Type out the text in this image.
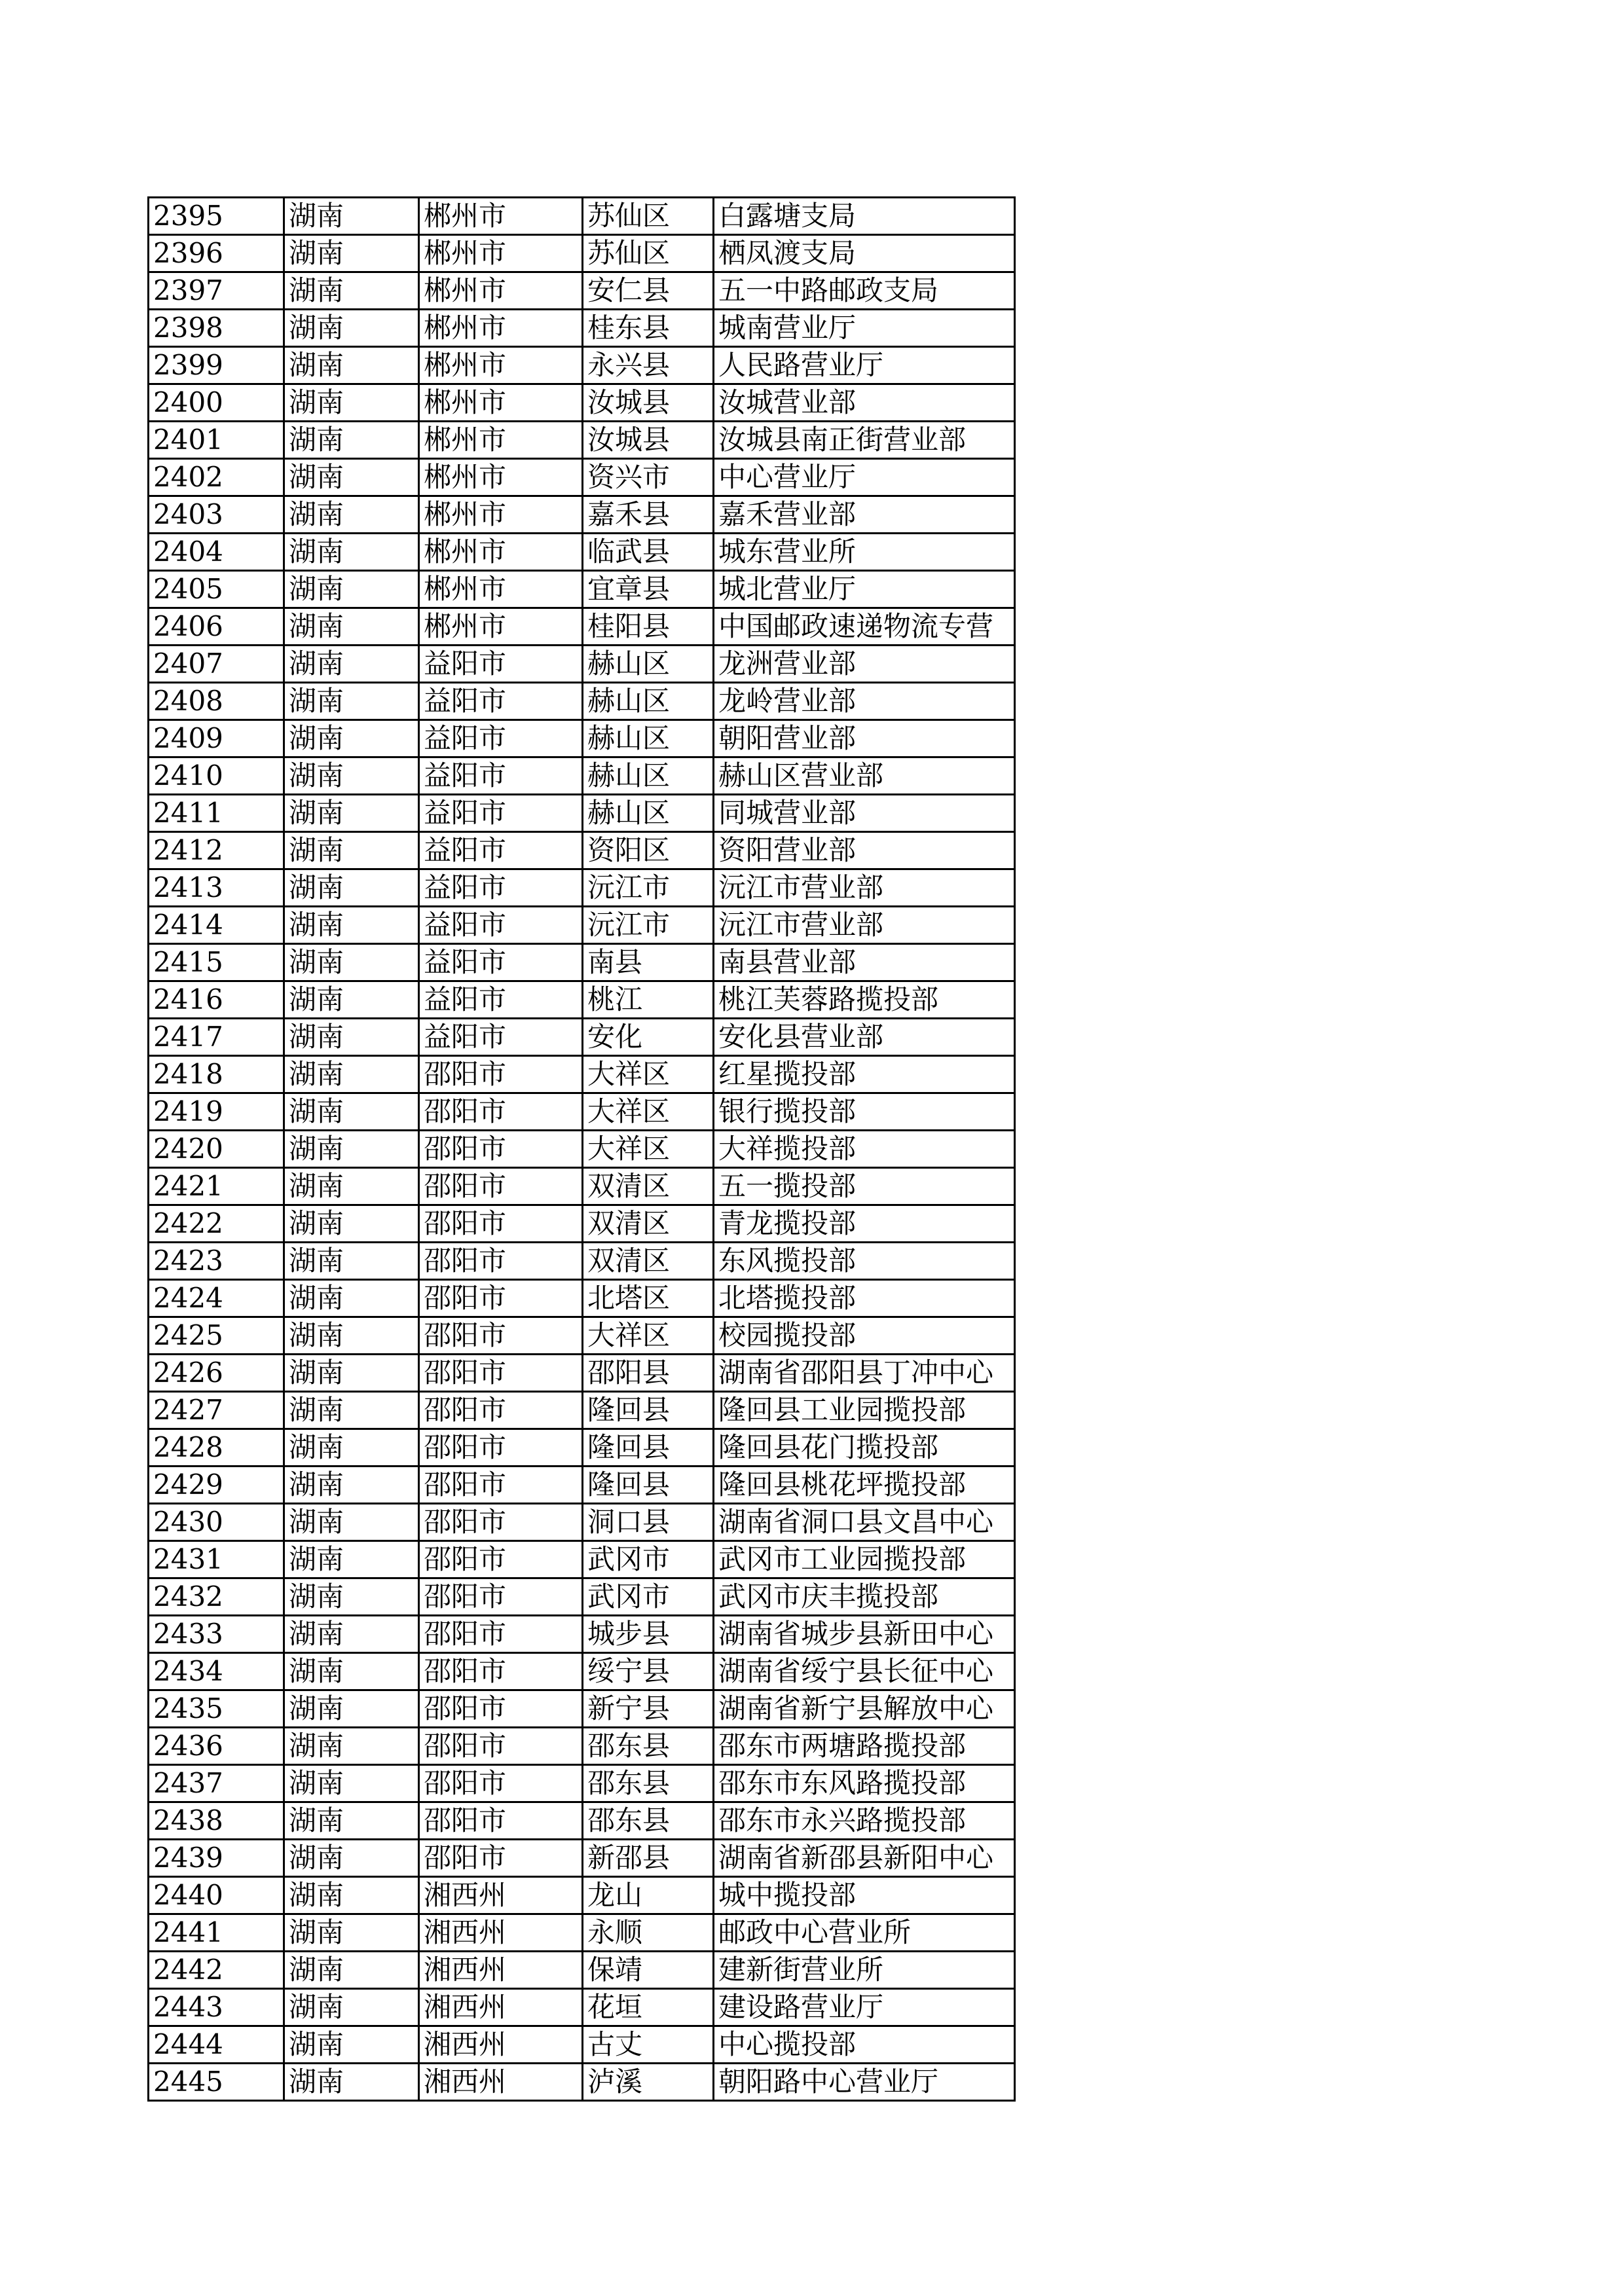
2395	湖南	郴州市	苏仙区	白露塘支局
2396	湖南	郴州市	苏仙区	栖凤渡支局
2397	湖南	郴州市	安仁县	五一中路邮政支局
2398	湖南	郴州市	桂东县	城南营业厅
2399	湖南	郴州市	永兴县	人民路营业厅
2400	湖南	郴州市	汝城县	汝城营业部
2401	湖南	郴州市	汝城县	汝城县南正街营业部
2402	湖南	郴州市	资兴市	中心营业厅
2403	湖南	郴州市	嘉禾县	嘉禾营业部
2404	湖南	郴州市	临武县	城东营业所
2405	湖南	郴州市	宜章县	城北营业厅
2406	湖南	郴州市	桂阳县	中国邮政速递物流专营
2407	湖南	益阳市	赫山区	龙洲营业部
2408	湖南	益阳市	赫山区	龙岭营业部
2409	湖南	益阳市	赫山区	朝阳营业部
2410	湖南	益阳市	赫山区	赫山区营业部
2411	湖南	益阳市	赫山区	同城营业部
2412	湖南	益阳市	资阳区	资阳营业部
2413	湖南	益阳市	沅江市	沅江市营业部
2414	湖南	益阳市	沅江市	沅江市营业部
2415	湖南	益阳市	南县	南县营业部
2416	湖南	益阳市	桃江	桃江芙蓉路揽投部
2417	湖南	益阳市	安化	安化县营业部
2418	湖南	邵阳市	大祥区	红星揽投部
2419	湖南	邵阳市	大祥区	银行揽投部
2420	湖南	邵阳市	大祥区	大祥揽投部
2421	湖南	邵阳市	双清区	五一揽投部
2422	湖南	邵阳市	双清区	青龙揽投部
2423	湖南	邵阳市	双清区	东风揽投部
2424	湖南	邵阳市	北塔区	北塔揽投部
2425	湖南	邵阳市	大祥区	校园揽投部
2426	湖南	邵阳市	邵阳县	湖南省邵阳县丁冲中心
2427	湖南	邵阳市	隆回县	隆回县工业园揽投部
2428	湖南	邵阳市	隆回县	隆回县花门揽投部
2429	湖南	邵阳市	隆回县	隆回县桃花坪揽投部
2430	湖南	邵阳市	洞口县	湖南省洞口县文昌中心
2431	湖南	邵阳市	武冈市	武冈市工业园揽投部
2432	湖南	邵阳市	武冈市	武冈市庆丰揽投部
2433	湖南	邵阳市	城步县	湖南省城步县新田中心
2434	湖南	邵阳市	绥宁县	湖南省绥宁县长征中心
2435	湖南	邵阳市	新宁县	湖南省新宁县解放中心
2436	湖南	邵阳市	邵东县	邵东市两塘路揽投部
2437	湖南	邵阳市	邵东县	邵东市东风路揽投部
2438	湖南	邵阳市	邵东县	邵东市永兴路揽投部
2439	湖南	邵阳市	新邵县	湖南省新邵县新阳中心
2440	湖南	湘西州	龙山	城中揽投部
2441	湖南	湘西州	永顺	邮政中心营业所
2442	湖南	湘西州	保靖	建新街营业所
2443	湖南	湘西州	花垣	建设路营业厅
2444	湖南	湘西州	古丈	中心揽投部
2445	湖南	湘西州	泸溪	朝阳路中心营业厅
